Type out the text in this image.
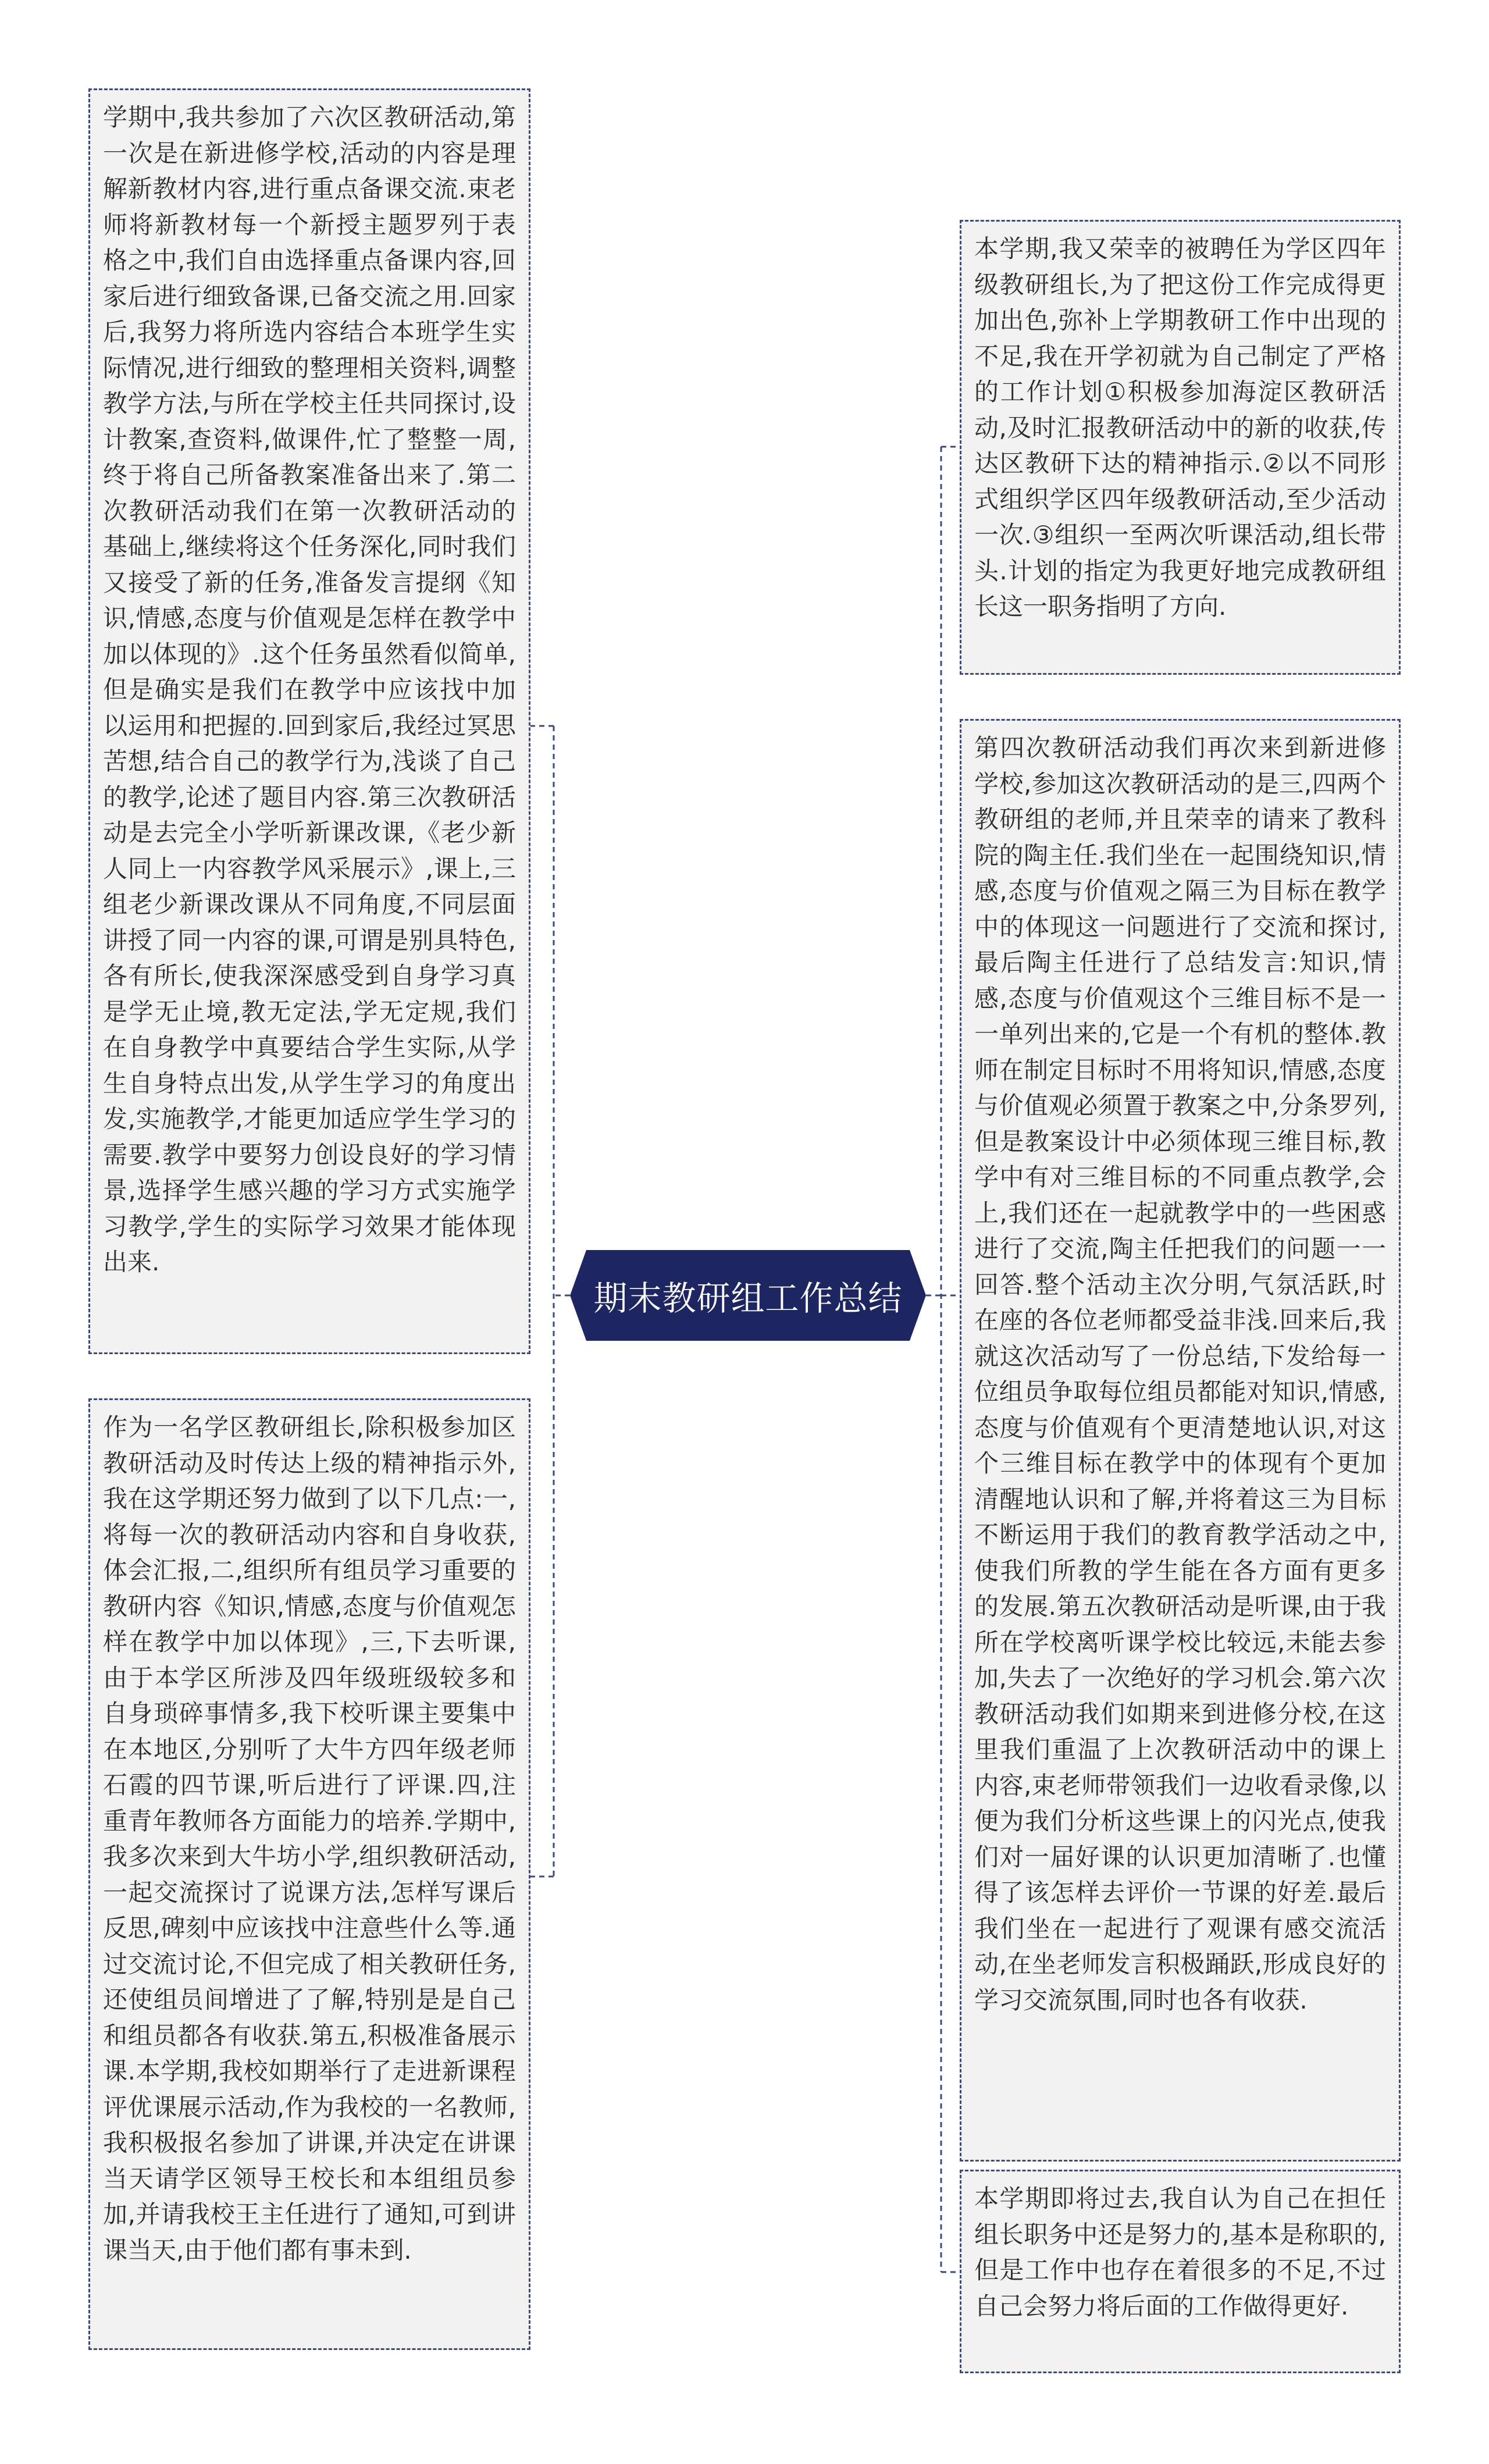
期末教研组工作总结
学期中,我共参加了六次区教研活动,第一次是在新进修学校,活动的内容是理解新教材内容,进行重点备课交流.束老师将新教材每一个新授主题罗列于表格之中,我们自由选择重点备课内容,回家后进行细致备课,已备交流之用.回家后,我努力将所选内容结合本班学生实际情况,进行细致的整理相关资料,调整教学方法,与所在学校主任共同探讨,设计教案,查资料,做课件,忙了整整一周,终于将自己所备教案准备出来了.第二次教研活动我们在第一次教研活动的基础上,继续将这个任务深化,同时我们又接受了新的任务,准备发言提纲《知识,情感,态度与价值观是怎样在教学中加以体现的》.这个任务虽然看似简单,但是确实是我们在教学中应该找中加以运用和把握的.回到家后,我经过冥思苦想,结合自己的教学行为,浅谈了自己的教学,论述了题目内容.第三次教研活动是去完全小学听新课改课,《老少新人同上一内容教学风采展示》,课上,三组老少新课改课从不同角度,不同层面讲授了同一内容的课,可谓是别具特色,各有所长,使我深深感受到自身学习真是学无止境,教无定法,学无定规,我们在自身教学中真要结合学生实际,从学生自身特点出发,从学生学习的角度出发,实施教学,才能更加适应学生学习的需要.教学中要努力创设良好的学习情景,选择学生感兴趣的学习方式实施学习教学,学生的实际学习效果才能体现出来.
作为一名学区教研组长,除积极参加区教研活动及时传达上级的精神指示外,我在这学期还努力做到了以下几点:一,将每一次的教研活动内容和自身收获,体会汇报,二,组织所有组员学习重要的教研内容《知识,情感,态度与价值观怎样在教学中加以体现》,三,下去听课,由于本学区所涉及四年级班级较多和自身琐碎事情多,我下校听课主要集中在本地区,分别听了大牛方四年级老师石霞的四节课,听后进行了评课.四,注重青年教师各方面能力的培养.学期中,我多次来到大牛坊小学,组织教研活动,一起交流探讨了说课方法,怎样写课后反思,碑刻中应该找中注意些什么等.通过交流讨论,不但完成了相关教研任务,还使组员间增进了了解,特别是是自己和组员都各有收获.第五,积极准备展示课.本学期,我校如期举行了走进新课程评优课展示活动,作为我校的一名教师,我积极报名参加了讲课,并决定在讲课当天请学区领导王校长和本组组员参加,并请我校王主任进行了通知,可到讲课当天,由于他们都有事未到.
本学期,我又荣幸的被聘任为学区四年级教研组长,为了把这份工作完成得更加出色,弥补上学期教研工作中出现的不足,我在开学初就为自己制定了严格的工作计划①积极参加海淀区教研活动,及时汇报教研活动中的新的收获,传达区教研下达的精神指示.②以不同形式组织学区四年级教研活动,至少活动一次.③组织一至两次听课活动,组长带头.计划的指定为我更好地完成教研组长这一职务指明了方向.
第四次教研活动我们再次来到新进修学校,参加这次教研活动的是三,四两个教研组的老师,并且荣幸的请来了教科院的陶主任.我们坐在一起围绕知识,情感,态度与价值观之隔三为目标在教学中的体现这一问题进行了交流和探讨,最后陶主任进行了总结发言:知识,情感,态度与价值观这个三维目标不是一一单列出来的,它是一个有机的整体.教师在制定目标时不用将知识,情感,态度与价值观必须置于教案之中,分条罗列,但是教案设计中必须体现三维目标,教学中有对三维目标的不同重点教学,会上,我们还在一起就教学中的一些困惑进行了交流,陶主任把我们的问题一一回答.整个活动主次分明,气氛活跃,时在座的各位老师都受益非浅.回来后,我就这次活动写了一份总结,下发给每一位组员争取每位组员都能对知识,情感,态度与价值观有个更清楚地认识,对这个三维目标在教学中的体现有个更加清醒地认识和了解,并将着这三为目标不断运用于我们的教育教学活动之中,使我们所教的学生能在各方面有更多的发展.第五次教研活动是听课,由于我所在学校离听课学校比较远,未能去参加,失去了一次绝好的学习机会.第六次教研活动我们如期来到进修分校,在这里我们重温了上次教研活动中的课上内容,束老师带领我们一边收看录像,以便为我们分析这些课上的闪光点,使我们对一届好课的认识更加清晰了.也懂得了该怎样去评价一节课的好差.最后我们坐在一起进行了观课有感交流活动,在坐老师发言积极踊跃,形成良好的学习交流氛围,同时也各有收获.
本学期即将过去,我自认为自己在担任组长职务中还是努力的,基本是称职的,但是工作中也存在着很多的不足,不过自己会努力将后面的工作做得更好.
